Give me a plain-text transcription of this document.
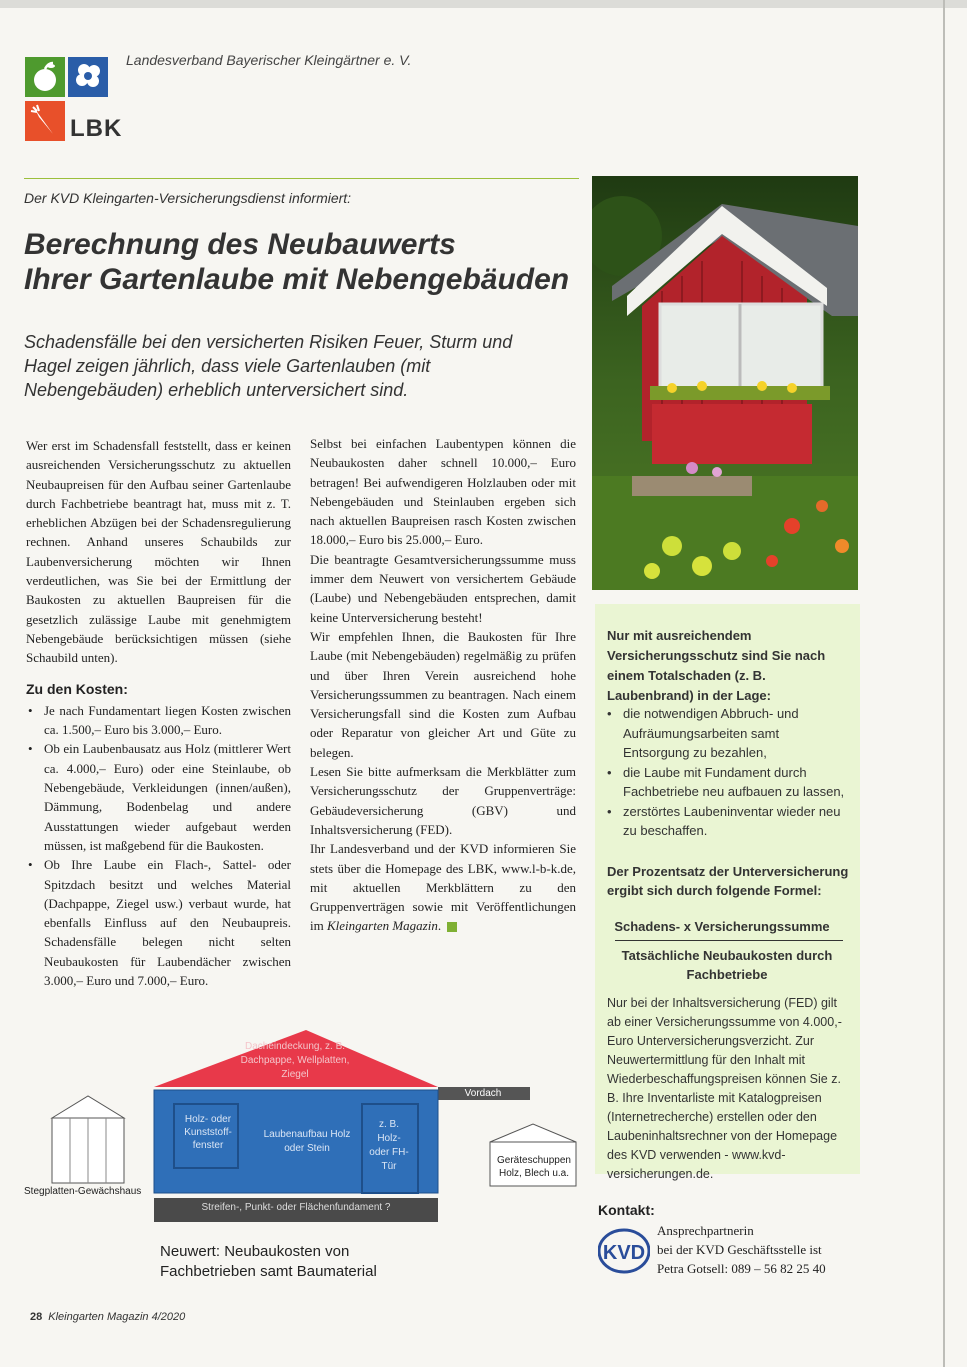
LBK
Landesverband Bayerischer Kleingärtner e. V.
Der KVD Kleingarten-Versicherungsdienst informiert:
Berechnung des Neubauwerts
Ihrer Gartenlaube mit Nebengebäuden
Schadensfälle bei den versicherten Risiken Feuer, Sturm und Hagel zeigen jährlich, dass viele Gartenlauben (mit Nebengebäuden) erheblich unterversichert sind.

Wer erst im Schadensfall feststellt, dass er keinen ausreichenden Versicherungsschutz zu aktuellen Neubaupreisen für den Aufbau seiner Gartenlaube durch Fachbetriebe beantragt hat, muss mit z. T. erheblichen Abzügen bei der Schadensregulierung rechnen. Anhand unseres Schaubilds zur Laubenversicherung möchten wir Ihnen verdeutlichen, was Sie bei der Ermittlung der Baukosten zu aktuellen Baupreisen für die gesetzlich zulässige Laube mit genehmigtem Nebengebäude berücksichtigen müssen (siehe Schaubild unten).

Zu den Kosten:
• Je nach Fundamentart liegen Kosten zwischen ca. 1.500,– Euro bis 3.000,– Euro.
• Ob ein Laubenbausatz aus Holz (mittlerer Wert ca. 4.000,– Euro) oder eine Steinlaube, ob Nebengebäude, Verkleidungen (innen/außen), Dämmung, Bodenbelag und andere Ausstattungen wieder aufgebaut werden müssen, ist maßgebend für die Baukosten.
• Ob Ihre Laube ein Flach-, Sattel- oder Spitzdach besitzt und welches Material (Dachpappe, Ziegel usw.) verbaut wurde, hat ebenfalls Einfluss auf den Neubaupreis. Schadensfälle belegen nicht selten Neubaukosten für Laubendächer zwischen 3.000,– Euro und 7.000,– Euro.

Selbst bei einfachen Laubentypen können die Neubaukosten daher schnell 10.000,– Euro betragen! Bei aufwendigeren Holzlauben oder mit Nebengebäuden und Steinlauben ergeben sich nach aktuellen Baupreisen rasch Kosten zwischen 18.000,– Euro bis 25.000,– Euro.

Die beantragte Gesamtversicherungssumme muss immer dem Neuwert von versichertem Gebäude (Laube) und Nebengebäuden entsprechen, damit keine Unterversicherung besteht!

Wir empfehlen Ihnen, die Baukosten für Ihre Laube (mit Nebengebäuden) regelmäßig zu prüfen und über Ihren Verein ausreichend hohe Versicherungssummen zu beantragen. Nach einem Versicherungsfall sind die Kosten zum Aufbau oder Reparatur von gleicher Art und Güte zu belegen.

Lesen Sie bitte aufmerksam die Merkblätter zum Versicherungsschutz der Gruppenverträge: Gebäudeversicherung (GBV) und Inhaltsversicherung (FED).

Ihr Landesverband und der KVD informieren Sie stets über die Homepage des LBK, www.l-b-k.de, mit aktuellen Merkblättern zu den Gruppenverträgen sowie mit Veröffentlichungen im Kleingarten Magazin.

Nur mit ausreichendem Versicherungsschutz sind Sie nach einem Totalschaden (z. B. Laubenbrand) in der Lage:
• die notwendigen Abbruch- und Aufräumungsarbeiten samt Entsorgung zu bezahlen,
• die Laube mit Fundament durch Fachbetriebe neu aufbauen zu lassen,
• zerstörtes Laubeninventar wieder neu zu beschaffen.
Der Prozentsatz der Unterversicherung ergibt sich durch folgende Formel:
Schadens- x Versicherungssumme
Tatsächliche Neubaukosten durch Fachbetriebe
Nur bei der Inhaltsversicherung (FED) gilt ab einer Versicherungssumme von 4.000,- Euro Unterversicherungsverzicht. Zur Neuwertermittlung für den Inhalt mit Wiederbeschaffungspreisen können Sie z. B. Ihre Inventarliste mit Katalogpreisen (Internetrecherche) erstellen oder den Laubeninhaltsrechner von der Homepage des KVD verwenden - www.kvd-versicherungen.de.
Kontakt:
KVD
Ansprechpartnerin
bei der KVD Geschäftsstelle ist
Petra Gotsell: 089 – 56 82 25 40
Dacheindeckung, z. B. Dachpappe, Wellplatten, Ziegel
Vordach
Holz- oder Kunststoff-fenster
Laubenaufbau Holz oder Stein
z. B. Holz- oder FH-Tür
Streifen-, Punkt- oder Flächenfundament ?
Stegplatten-Gewächshaus
Geräteschuppen Holz, Blech u.a.
Neuwert: Neubaukosten von
Fachbetrieben samt Baumaterial
28 Kleingarten Magazin 4/2020
